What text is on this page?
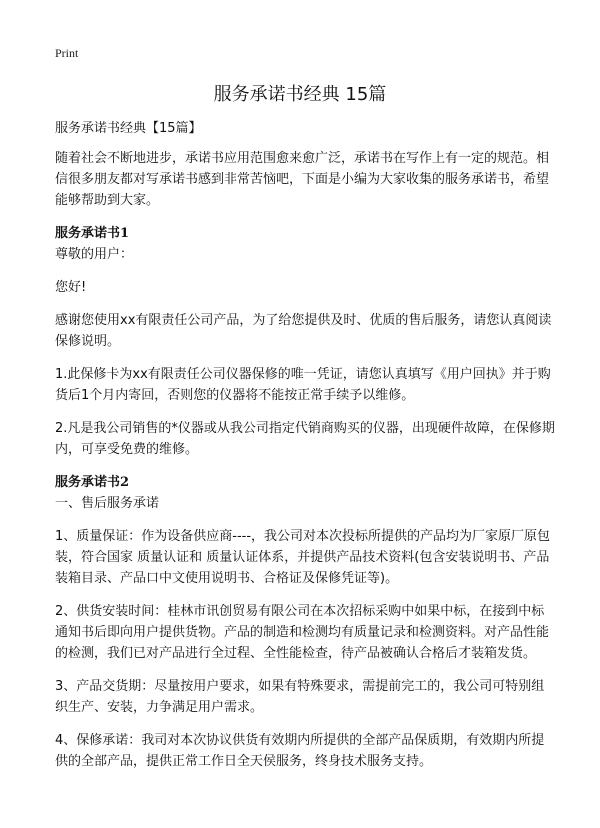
Print
服务承诺书经典 15篇

服务承诺书经典【15篇】

随着社会不断地进步，承诺书应用范围愈来愈广泛，承诺书在写作上有一定的规范。相信很多朋友都对写承诺书感到非常苦恼吧，下面是小编为大家收集的服务承诺书，希望能够帮助到大家。

服务承诺书1

尊敬的用户：

您好!

感谢您使用xx有限责任公司产品，为了给您提供及时、优质的售后服务，请您认真阅读保修说明。

1.此保修卡为xx有限责任公司仪器保修的唯一凭证，请您认真填写《用户回执》并于购货后1个月内寄回，否则您的仪器将不能按正常手续予以维修。

2.凡是我公司销售的*仪器或从我公司指定代销商购买的仪器，出现硬件故障，在保修期内，可享受免费的维修。

服务承诺书2

一、售后服务承诺

1、质量保证：作为设备供应商----，我公司对本次投标所提供的产品均为厂家原厂原包装，符合国家 质量认证和 质量认证体系，并提供产品技术资料(包含安装说明书、产品装箱目录、产品口中文使用说明书、合格证及保修凭证等)。

2、供货安装时间：桂林市讯创贸易有限公司在本次招标采购中如果中标，在接到中标通知书后即向用户提供货物。产品的制造和检测均有质量记录和检测资料。对产品性能的检测，我们已对产品进行全过程、全性能检查，待产品被确认合格后才装箱发货。

3、产品交货期：尽量按用户要求，如果有特殊要求，需提前完工的，我公司可特别组织生产、安装，力争满足用户需求。

4、保修承诺：我司对本次协议供货有效期内所提供的全部产品保质期，有效期内所提供的全部产品，提供正常工作日全天侯服务，终身技术服务支持。
